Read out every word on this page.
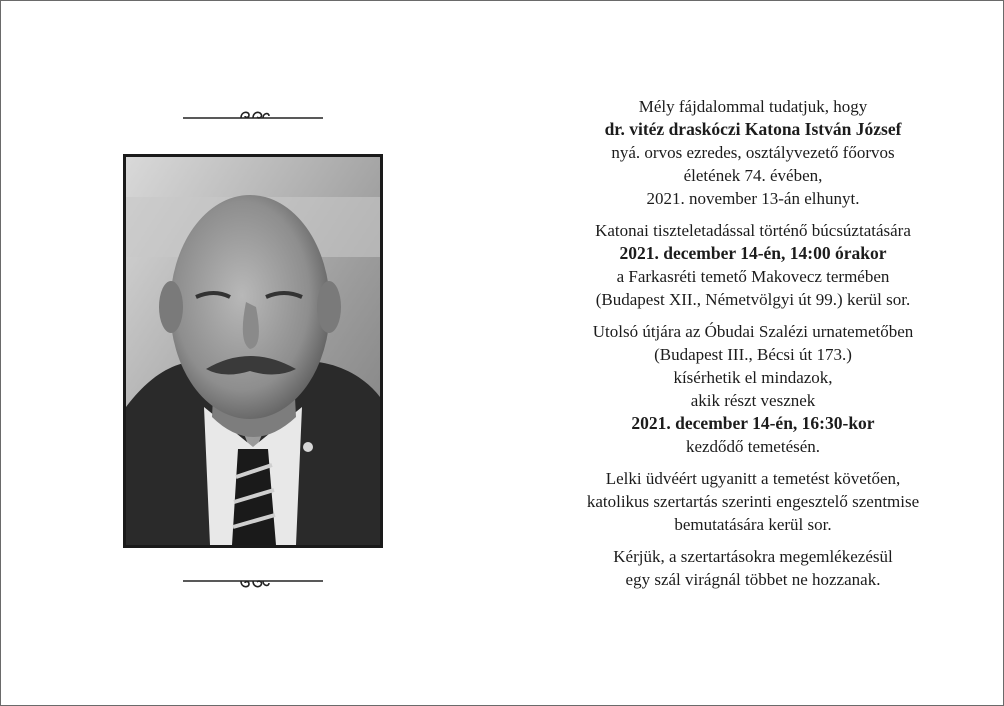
Mély fájdalommal tudatjuk, hogy

dr. vitéz draskóczi Katona István József

nyá. orvos ezredes, osztályvezető főorvos

életének 74. évében,

2021. november 13-án elhunyt.

Katonai tiszteletadással történő búcsúztatására

2021. december 14-én, 14:00 órakor

a Farkasréti temető Makovecz termében

(Budapest XII., Németvölgyi út 99.) kerül sor.

Utolsó útjára az Óbudai Szalézi urnatemetőben

(Budapest III., Bécsi út 173.)

kísérhetik el mindazok,

akik részt vesznek

2021. december 14-én, 16:30-kor

kezdődő temetésén.

Lelki üdvéért ugyanitt a temetést követően,

katolikus szertartás szerinti engesztelő szentmise

bemutatására kerül sor.

Kérjük, a szertartásokra megemlékezésül

egy szál virágnál többet ne hozzanak.
